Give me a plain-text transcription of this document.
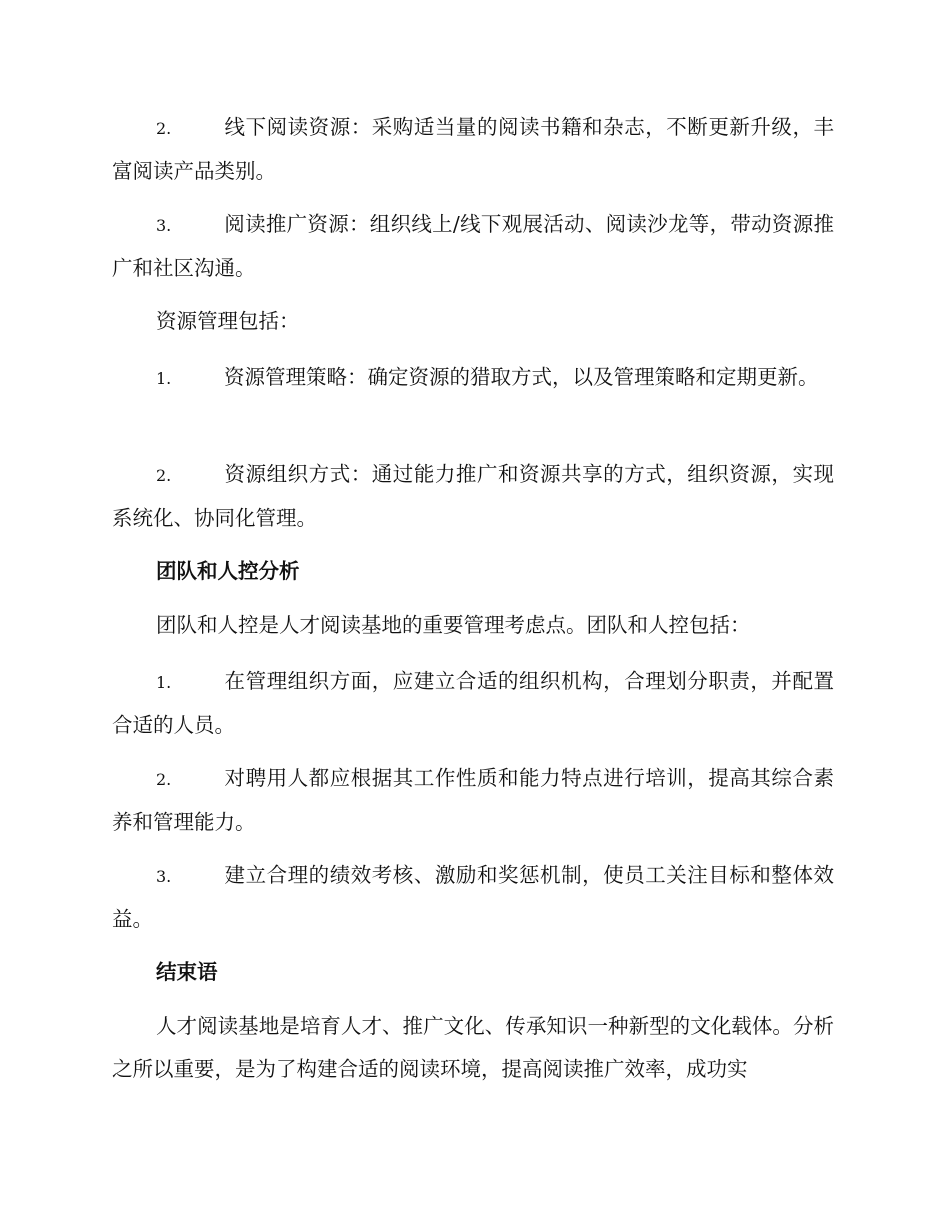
2.	线下阅读资源：采购适当量的阅读书籍和杂志，不断更新升级，丰富阅读产品类别。

3.	阅读推广资源：组织线上/线下观展活动、阅读沙龙等，带动资源推广和社区沟通。

资源管理包括：

1.	资源管理策略：确定资源的猎取方式，以及管理策略和定期更新。

2.	资源组织方式：通过能力推广和资源共享的方式，组织资源，实现系统化、协同化管理。

团队和人控分析

团队和人控是人才阅读基地的重要管理考虑点。团队和人控包括：

1.	在管理组织方面，应建立合适的组织机构，合理划分职责，并配置合适的人员。

2.	对聘用人都应根据其工作性质和能力特点进行培训，提高其综合素养和管理能力。

3.	建立合理的绩效考核、激励和奖惩机制，使员工关注目标和整体效益。

结束语

人才阅读基地是培育人才、推广文化、传承知识一种新型的文化载体。分析之所以重要，是为了构建合适的阅读环境，提高阅读推广效率，成功实
